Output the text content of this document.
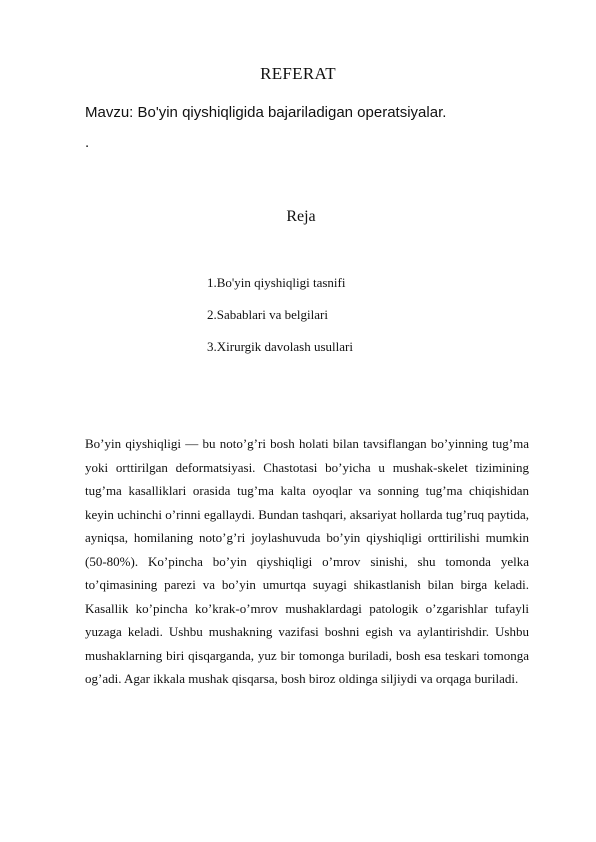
REFERAT
Mavzu: Bo'yin qiyshiqligida bajariladigan operatsiyalar.
.
Reja
1.Bo'yin qiyshiqligi tasnifi
2.Sabablari va belgilari
3.Xirurgik davolash usullari

Bo’yin qiyshiqligi — bu noto’g’ri bosh holati bilan tavsiflangan bo’yinning tug’ma yoki orttirilgan deformatsiyasi. Chastotasi bo’yicha u mushak-skelet tizimining tug’ma kasalliklari orasida tug’ma kalta oyoqlar va sonning tug’ma chiqishidan keyin uchinchi o’rinni egallaydi. Bundan tashqari, aksariyat hollarda tug’ruq paytida, ayniqsa, homilaning noto’g’ri joylashuvuda bo’yin qiyshiqligi orttirilishi mumkin (50-80%). Ko’pincha bo’yin qiyshiqligi o’mrov sinishi, shu tomonda yelka to’qimasining parezi va bo’yin umurtqa suyagi shikastlanish bilan birga keladi. Kasallik ko’pincha ko’krak-o’mrov mushaklardagi patologik o’zgarishlar tufayli yuzaga keladi. Ushbu mushakning vazifasi boshni egish va aylantirishdir. Ushbu mushaklarning biri qisqarganda, yuz bir tomonga buriladi, bosh esa teskari tomonga og’adi. Agar ikkala mushak qisqarsa, bosh biroz oldinga siljiydi va orqaga buriladi.
